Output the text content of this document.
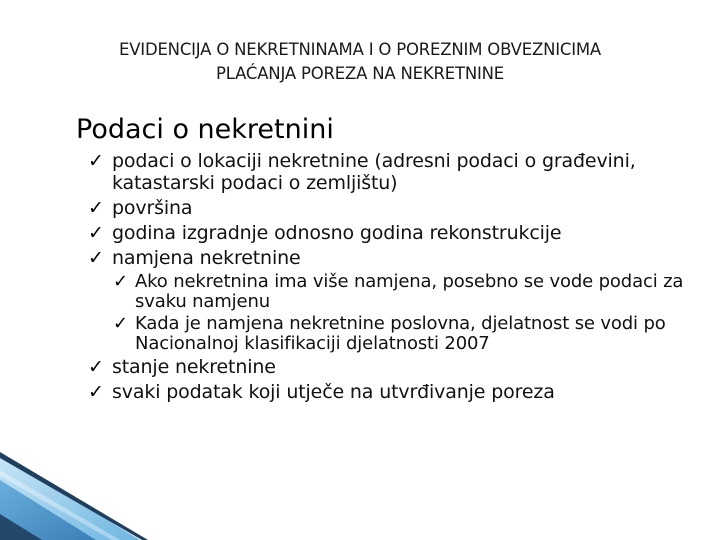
EVIDENCIJA O NEKRETNINAMA I O POREZNIM OBVEZNICIMA
PLAĆANJA POREZA NA NEKRETNINE
Podaci o nekretnini
✓ podaci o lokaciji nekretnine (adresni podaci o građevini, katastarski podaci o zemljištu)
✓ površina
✓ godina izgradnje odnosno godina rekonstrukcije
✓ namjena nekretnine
✓ Ako nekretnina ima više namjena, posebno se vode podaci za svaku namjenu
✓ Kada je namjena nekretnine poslovna, djelatnost se vodi po Nacionalnoj klasifikaciji djelatnosti 2007
✓ stanje nekretnine
✓ svaki podatak koji utječe na utvrđivanje poreza
